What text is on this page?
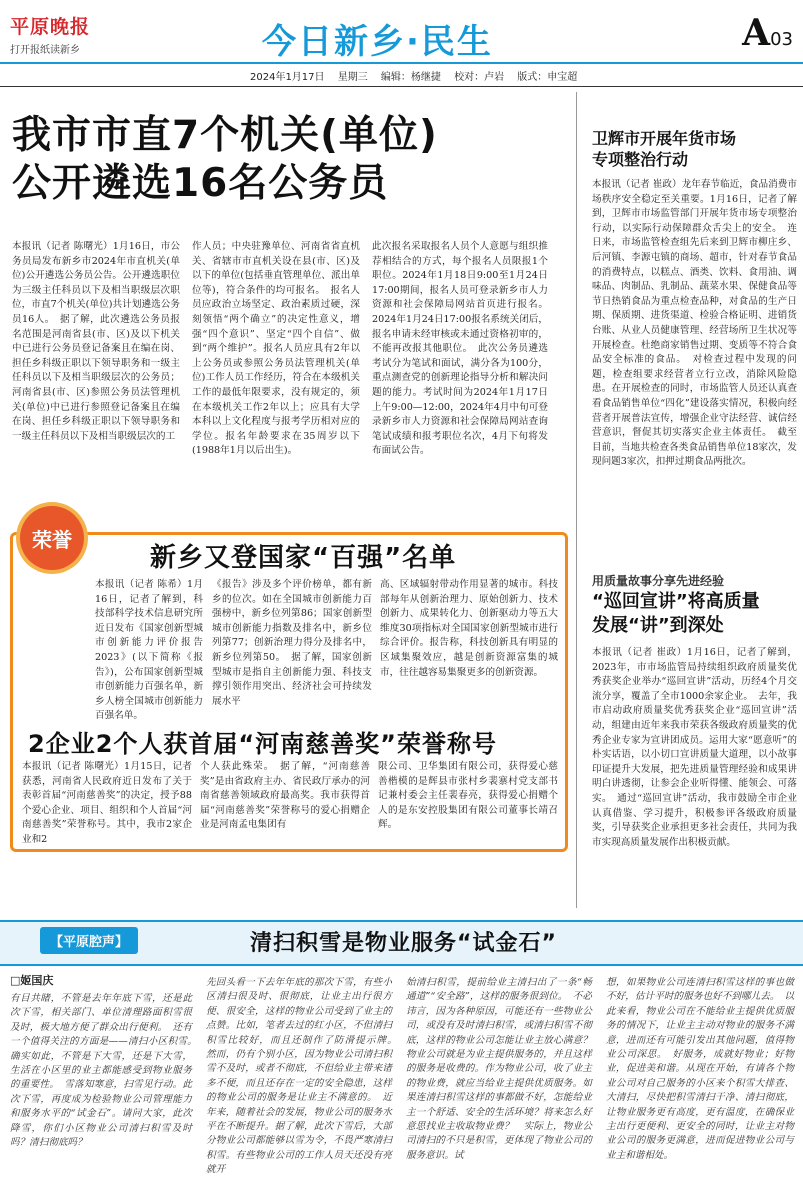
平原晚报
打开报纸读新乡	今日新乡·民生	A03
2024年1月17日 星期三 编辑：杨继捷 校对：卢岩 版式：申宝超
我市市直7个机关(单位)
公开遴选16名公务员
本报讯（记者 陈曙光）1月16日，市公务员局发布新乡市2024年市直机关(单位)公开遴选公务员公告。公开遴选职位为三级主任科员以下及相当职级层次职位，市直7个机关(单位)共计划遴选公务员16人。　据了解，此次遴选公务员报名范围是河南省县(市、区)及以下机关中已进行公务员登记备案且在编在岗、担任乡科级正职以下领导职务和一级主任科员以下及相当职级层次的公务员；河南省县(市、区)参照公务员法管理机关(单位)中已进行参照登记备案且在编在岗、担任乡科级正职以下领导职务和一级主任科员以下及相当职级层次的工
作人员；中央驻豫单位、河南省省直机关、省辖市市直机关设在县(市、区)及以下的单位(包括垂直管理单位、派出单位等)，符合条件的均可报名。　报名人员应政治立场坚定、政治素质过硬，深刻领悟“两个确立”的决定性意义，增强“四个意识”、坚定“四个自信”、做到“两个维护”。报名人员应具有2年以上公务员或参照公务员法管理机关(单位)工作人员工作经历，符合在本级机关工作的最低年限要求，没有规定的，须在本级机关工作2年以上；应具有大学本科以上文化程度与报考学历相对应的学位。报名年龄要求在35周岁以下(1988年1月以后出生)。
此次报名采取报名人员个人意愿与组织推荐相结合的方式，每个报名人员限报1个职位。2024年1月18日9:00至1月24日17:00期间，报名人员可登录新乡市人力资源和社会保障局网站首页进行报名。2024年1月24日17:00报名系统关闭后，报名申请未经审核或未通过资格初审的，不能再改报其他职位。　此次公务员遴选考试分为笔试和面试，满分各为100分，重点测查党的创新理论指导分析和解决问题的能力。考试时间为2024年1月17日上午9:00—12:00，2024年4月中旬可登录新乡市人力资源和社会保障局网站查询笔试成绩和报考职位名次，4月下旬将发布面试公告。
卫辉市开展年货市场
专项整治行动
本报讯（记者 崔政）龙年春节临近，食品消费市场秩序安全稳定至关重要。1月16日，记者了解到，卫辉市市场监管部门开展年货市场专项整治行动，以实际行动保障群众舌尖上的安全。　连日来，市场监管检查组先后来到卫辉市柳庄乡、后河镇、李源屯镇的商场、超市，针对春节食品的消费特点，以糕点、酒类、饮料、食用油、调味品、肉制品、乳制品、蔬菜水果、保健食品等节日热销食品为重点检查品种，对食品的生产日期、保质期、进货渠道、检验合格证明、进销货台账、从业人员健康管理、经营场所卫生状况等开展检查。杜绝商家销售过期、变质等不符合食品安全标准的食品。　对检查过程中发现的问题，检查组要求经营者立行立改，消除风险隐患。在开展检查的同时，市场监管人员还认真查看食品销售单位“四化”建设落实情况，积极向经营者开展普法宣传，增强企业守法经营、诚信经营意识，督促其切实落实企业主体责任。　截至目前，当地共检查各类食品销售单位18家次，发现问题3家次，扣押过期食品两批次。
用质量故事分享先进经验
“巡回宣讲”将高质量
发展“讲”到深处
本报讯（记者 崔政）1月16日，记者了解到，2023年，市市场监管局持续组织政府质量奖优秀获奖企业举办“巡回宣讲”活动，历经4个月交流分享，覆盖了全市1000余家企业。　去年，我市启动政府质量奖优秀获奖企业“巡回宣讲”活动，组建由近年来我市荣获各级政府质量奖的优秀企业专家为宣讲团成员。运用大家“愿意听”的朴实话语，以小切口宣讲质量大道理，以小故事印证提升大发展，把先进质量管理经验和成果讲明白讲透彻，让参会企业听得懂、能领会、可落实。　通过“巡回宣讲”活动，我市鼓励全市企业认真借鉴、学习提升，积极参评各级政府质量奖，引导获奖企业承担更多社会责任，共同为我市实现高质量发展作出积极贡献。
荣誉
新乡又登国家“百强”名单
本报讯（记者 陈希）1月16日，记者了解到，科技部科学技术信息研究所近日发布《国家创新型城市创新能力评价报告2023》(以下简称《报告》)，公布国家创新型城市创新能力百强名单，新乡人榜全国城市创新能力百强名单。
《报告》涉及多个评价榜单，都有新乡的位次。如在全国城市创新能力百强榜中，新乡位列第86；国家创新型城市创新能力指数及排名中，新乡位列第77；创新治理力得分及排名中，新乡位列第50。　据了解，国家创新型城市是指自主创新能力强、科技支撑引领作用突出、经济社会可持续发展水平
高、区域辐射带动作用显著的城市。科技部每年从创新治理力、原始创新力、技术创新力、成果转化力、创新驱动力等五大维度30项指标对全国国家创新型城市进行综合评价。报告称，科技创新具有明显的区域集聚效应，越是创新资源富集的城市，往往越容易集聚更多的创新资源。
2企业2个人获首届“河南慈善奖”荣誉称号
本报讯（记者 陈曙光）1月15日，记者获悉，河南省人民政府近日发布了关于表彰首届“河南慈善奖”的决定，授予88个爱心企业、项目、组织和个人首届“河南慈善奖”荣誉称号。其中，我市2家企业和2
个人获此殊荣。　据了解，“河南慈善奖”是由省政府主办、省民政厅承办的河南省慈善领域政府最高奖。我市获得首届“河南慈善奖”荣誉称号的爱心捐赠企业是河南孟电集团有
限公司、卫华集团有限公司，获得爱心慈善楷模的是辉县市张村乡裴寨村党支部书记兼村委会主任裴春亮，获得爱心捐赠个人的是东安控股集团有限公司董事长靖召辉。
【平原腔声】	清扫积雪是物业服务“试金石”
□姬国庆
有目共睹，不管是去年年底下雪，还是此次下雪，相关部门、单位清理路面积雪很及时，极大地方便了群众出行便利。　还有一个值得关注的方面是——清扫小区积雪。　确实如此，不管是下大雪，还是下大雪，生活在小区里的业主都能感受到物业服务的重要性。　雪落知寒意，扫雪见行动。此次下雪，再度成为检验物业公司管理能力和服务水平的“试金石”。请问大家，此次降雪，你们小区物业公司清扫积雪及时吗？清扫彻底吗？
先回头看一下去年年底的那次下雪，有些小区清扫很及时、很彻底，让业主出行很方便、很安全，这样的物业公司受到了业主的点赞。比如，笔者去过的红小区，不但清扫积雪比较好，而且还制作了防滑提示牌。　然而，仍有个别小区，因为物业公司清扫积雪不及时，或者不彻底，不但给业主带来诸多不便，而且还存在一定的安全隐患，这样的物业公司的服务是让业主不满意的。　近年来，随着社会的发展，物业公司的服务水平在不断提升。据了解，此次下雪后，大部分物业公司都能够以雪为令，不畏严寒清扫积雪。有些物业公司的工作人员天还没有亮就开
始清扫积雪，提前给业主清扫出了一条“畅通道”“安全路”，这样的服务很到位。　不必讳言，因为各种原因，可能还有一些物业公司，或没有及时清扫积雪，或清扫积雪不彻底，这样的物业公司怎能让业主放心满意？　物业公司就是为业主提供服务的，并且这样的服务是收费的。作为物业公司，收了业主的物业费，就应当给业主提供优质服务。如果连清扫积雪这样的事都做不好，怎能给业主一个舒适、安全的生活环境？将来怎么好意思找业主收取物业费？　实际上，物业公司清扫的不只是积雪，更体现了物业公司的服务意识。试
想，如果物业公司连清扫积雪这样的事也做不好，估计平时的服务也好不到哪儿去。　以此来看，物业公司在不能给业主提供优质服务的情况下，让业主主动对物业的服务不满意，进而还有可能引发出其他问题，值得物业公司深思。　好服务，成就好物业；好物业，促进美和谐。从现在开始，有请各个物业公司对自己服务的小区来个积雪大排查、大清扫，尽快把积雪清扫干净、清扫彻底，让物业服务更有高度，更有温度，在确保业主出行更便利、更安全的同时，让业主对物业公司的服务更满意，进而促进物业公司与业主和谐相处。
